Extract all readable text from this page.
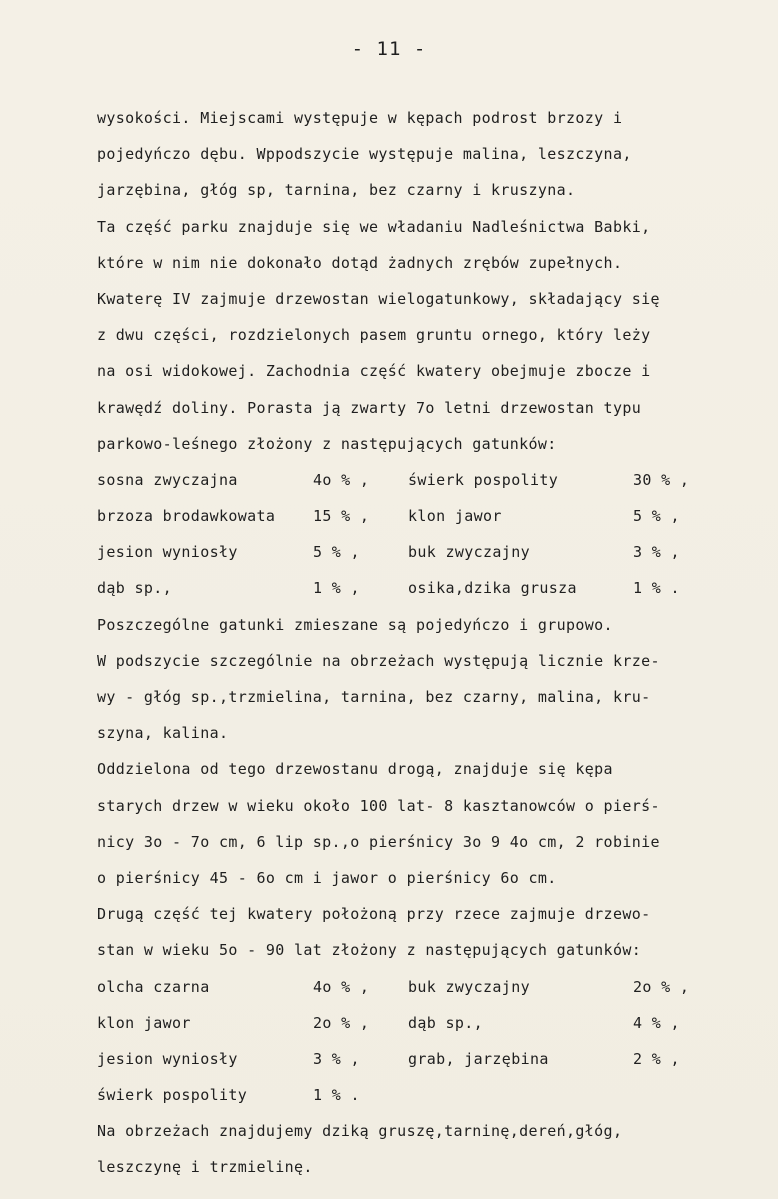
- 11 -
wysokości. Miejscami występuje w kępach podrost brzozy i
pojedyńczo dębu. Wppodszycie występuje malina, leszczyna,
jarzębina, głóg sp, tarnina, bez czarny i kruszyna.
Ta część parku znajduje się we władaniu Nadleśnictwa Babki,
które w nim nie dokonało dotąd żadnych zrębów zupełnych.
Kwaterę IV zajmuje drzewostan wielogatunkowy, składający się
z dwu części, rozdzielonych pasem gruntu ornego, który leży
na osi widokowej. Zachodnia część kwatery obejmuje zbocze i
krawędź doliny. Porasta ją zwarty 7o letni drzewostan typu
parkowo-leśnego złożony z następujących gatunków:
sosna zwyczajna	4o % ,	świerk pospolity	30 % ,
brzoza brodawkowata	15 % ,	klon jawor	5 % ,
jesion wyniosły	5 % ,	buk zwyczajny	3 % ,
dąb sp.,	1 % ,	osika,dzika grusza	1 % .
Poszczególne gatunki zmieszane są pojedyńczo i grupowo.
W podszycie szczególnie na obrzeżach występują licznie krze-
wy - głóg sp.,trzmielina, tarnina, bez czarny, malina, kru-
szyna, kalina.
Oddzielona od tego drzewostanu drogą, znajduje się kępa
starych drzew w wieku około 100 lat- 8 kasztanowców o pierś-
nicy 3o - 7o cm, 6 lip sp.,o pierśnicy 3o 9 4o cm, 2 robinie
o pierśnicy 45 - 6o cm i jawor o pierśnicy 6o cm.
Drugą część tej kwatery położoną przy rzece zajmuje drzewo-
stan w wieku 5o - 90 lat złożony z następujących gatunków:
olcha czarna	4o % ,	buk zwyczajny	2o % ,
klon jawor	2o % ,	dąb sp.,	4 % ,
jesion wyniosły	3 % ,	grab, jarzębina	2 % ,
świerk pospolity	1 % .
Na obrzeżach znajdujemy dziką gruszę,tarninę,dereń,głóg,
leszczynę i trzmielinę.
